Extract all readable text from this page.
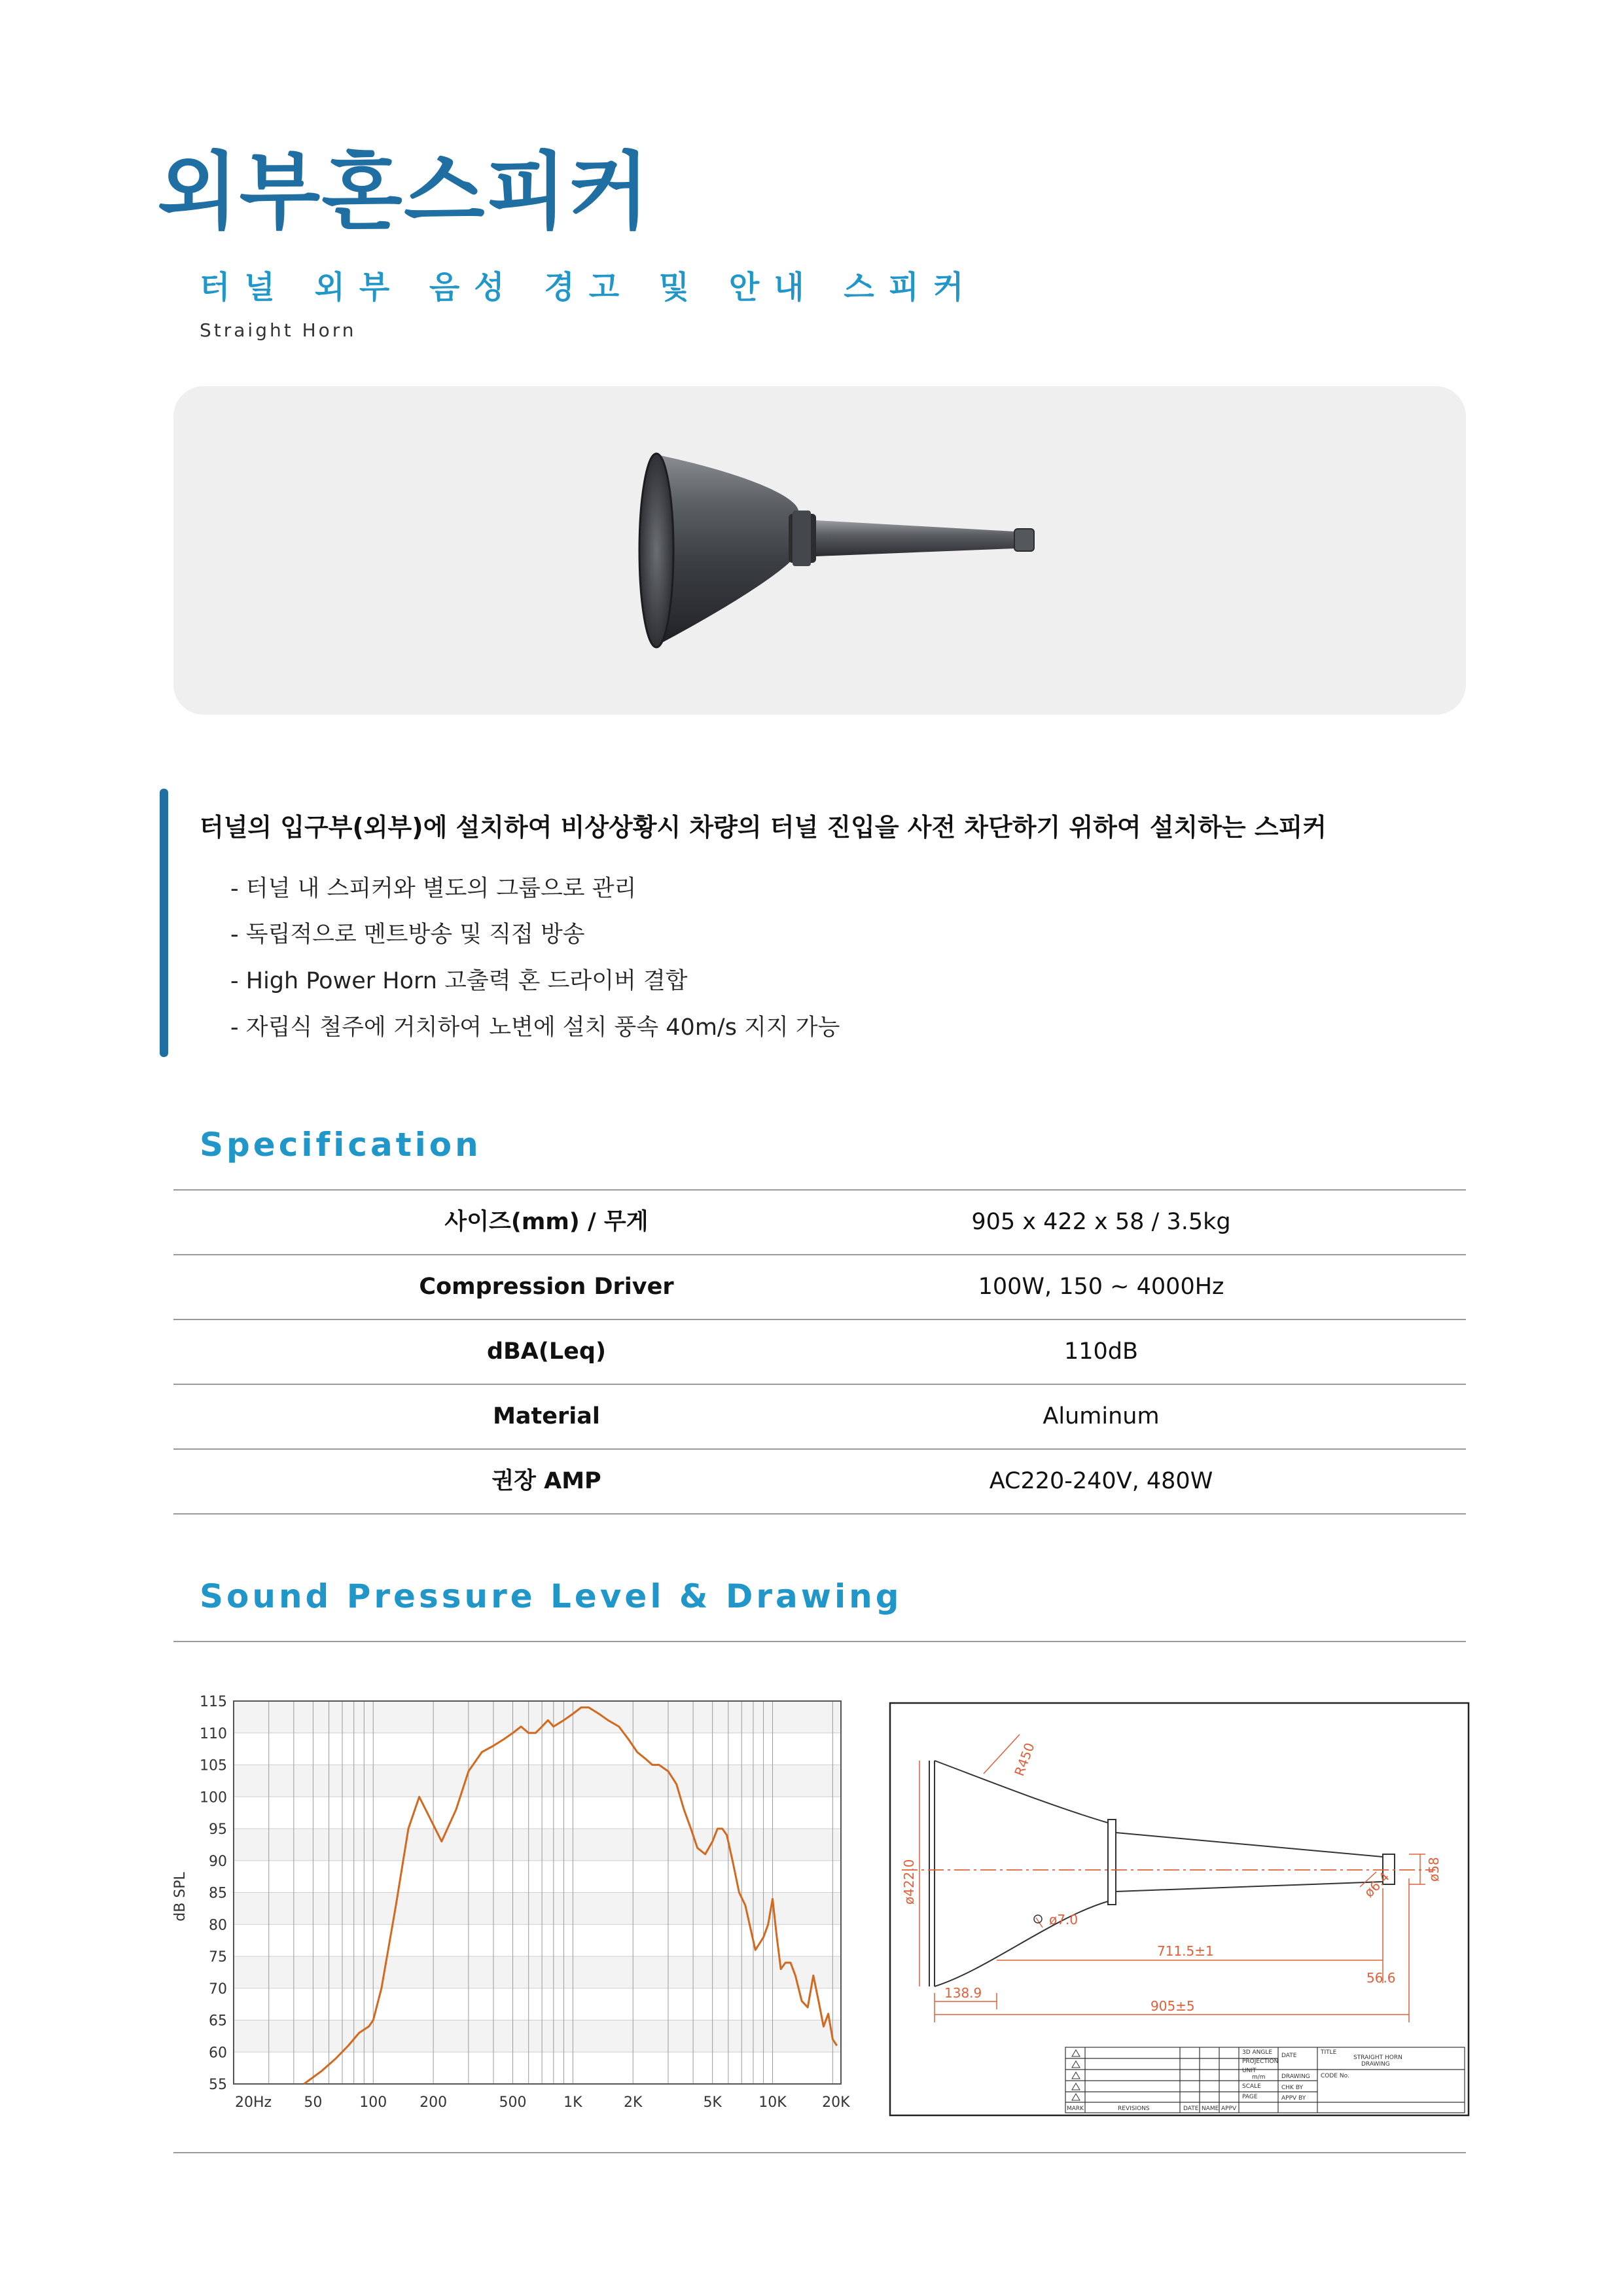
외부혼스피커
터널 외부 음성 경고 및 안내 스피커
Straight Horn
터널의 입구부(외부)에 설치하여 비상상황시 차량의 터널 진입을 사전 차단하기 위하여 설치하는 스피커
- 터널 내 스피커와 별도의 그룹으로 관리
- 독립적으로 멘트방송 및 직접 방송
- High Power Horn 고출력 혼 드라이버 결합
- 자립식 철주에 거치하여 노변에 설치 풍속 40m/s 지지 가능
Specification
사이즈(mm) / 무게	905 x 422 x 58 / 3.5kg
Compression Driver	100W, 150 ~ 4000Hz
dBA(Leq)	110dB
Material	Aluminum
권장 AMP	AC220-240V, 480W
Sound Pressure Level & Drawing
115
110
105
100
95
90
85
80
75
70
65
60
55
20Hz 50	100 200	500	1K	2K	5K	10K 20K
dB SPL
R450
ø422.0	ø58
ø6.4
ø7.0
711.5±1
138.9
56.6
905±5
3D ANGLE
PROJECTION
UNIT
m/m
SCALE
PAGE
DATE
DRAWING
CHK BY
APPV BY
TITLE
STRAIGHT HORN
DRAWING
CODE No.
MARK	REVISIONS	DATE NAME APPV
